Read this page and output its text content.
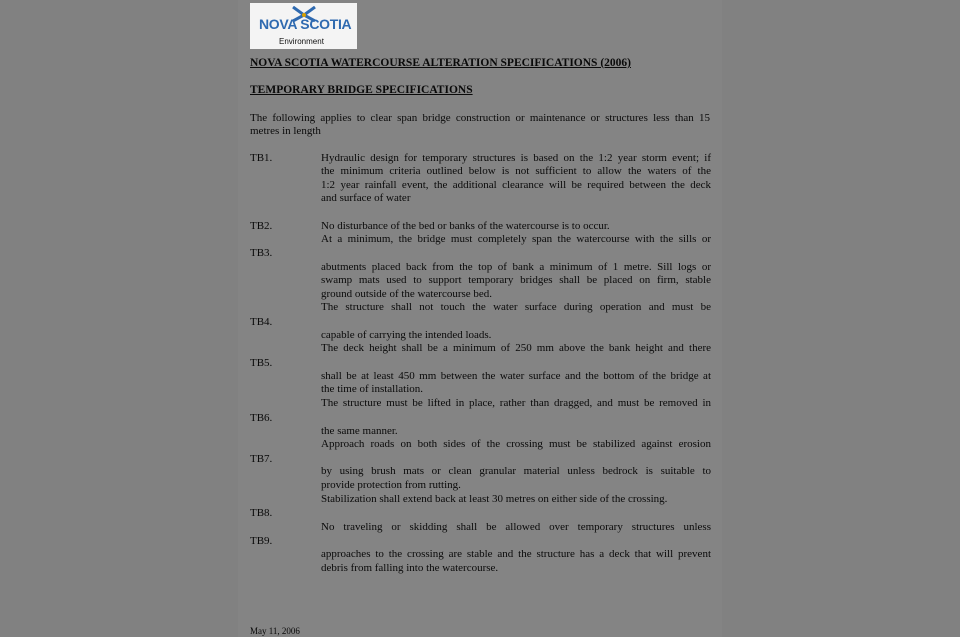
NOVA SCOTIA
Environment
NOVA SCOTIA WATERCOURSE ALTERATION SPECIFICATIONS (2006)
TEMPORARY BRIDGE SPECIFICATIONS
The following applies to clear span bridge construction or maintenance or structures less than 15
metres in length
TB1.
TB2.
TB3.
TB4.
TB5.
TB6.
TB7.
TB8.
TB9.
Hydraulic design for temporary structures is based on the 1:2 year storm event; if
the minimum criteria outlined below is not sufficient to allow the waters of the
1:2 year rainfall event, the additional clearance will be required between the deck
and surface of water
No disturbance of the bed or banks of the watercourse is to occur.
At a minimum, the bridge must completely span the watercourse with the sills or
abutments placed back from the top of bank a minimum of 1 metre. Sill logs or
swamp mats used to support temporary bridges shall be placed on firm, stable
ground outside of the watercourse bed.
The structure shall not touch the water surface during operation and must be
capable of carrying the intended loads.
The deck height shall be a minimum of 250 mm above the bank height and there
shall be at least 450 mm between the water surface and the bottom of the bridge at
the time of installation.
The structure must be lifted in place, rather than dragged, and must be removed in
the same manner.
Approach roads on both sides of the crossing must be stabilized against erosion
by using brush mats or clean granular material unless bedrock is suitable to
provide protection from rutting.
Stabilization shall extend back at least 30 metres on either side of the crossing.
No traveling or skidding shall be allowed over temporary structures unless
approaches to the crossing are stable and the structure has a deck that will prevent
debris from falling into the watercourse.
May 11, 2006
